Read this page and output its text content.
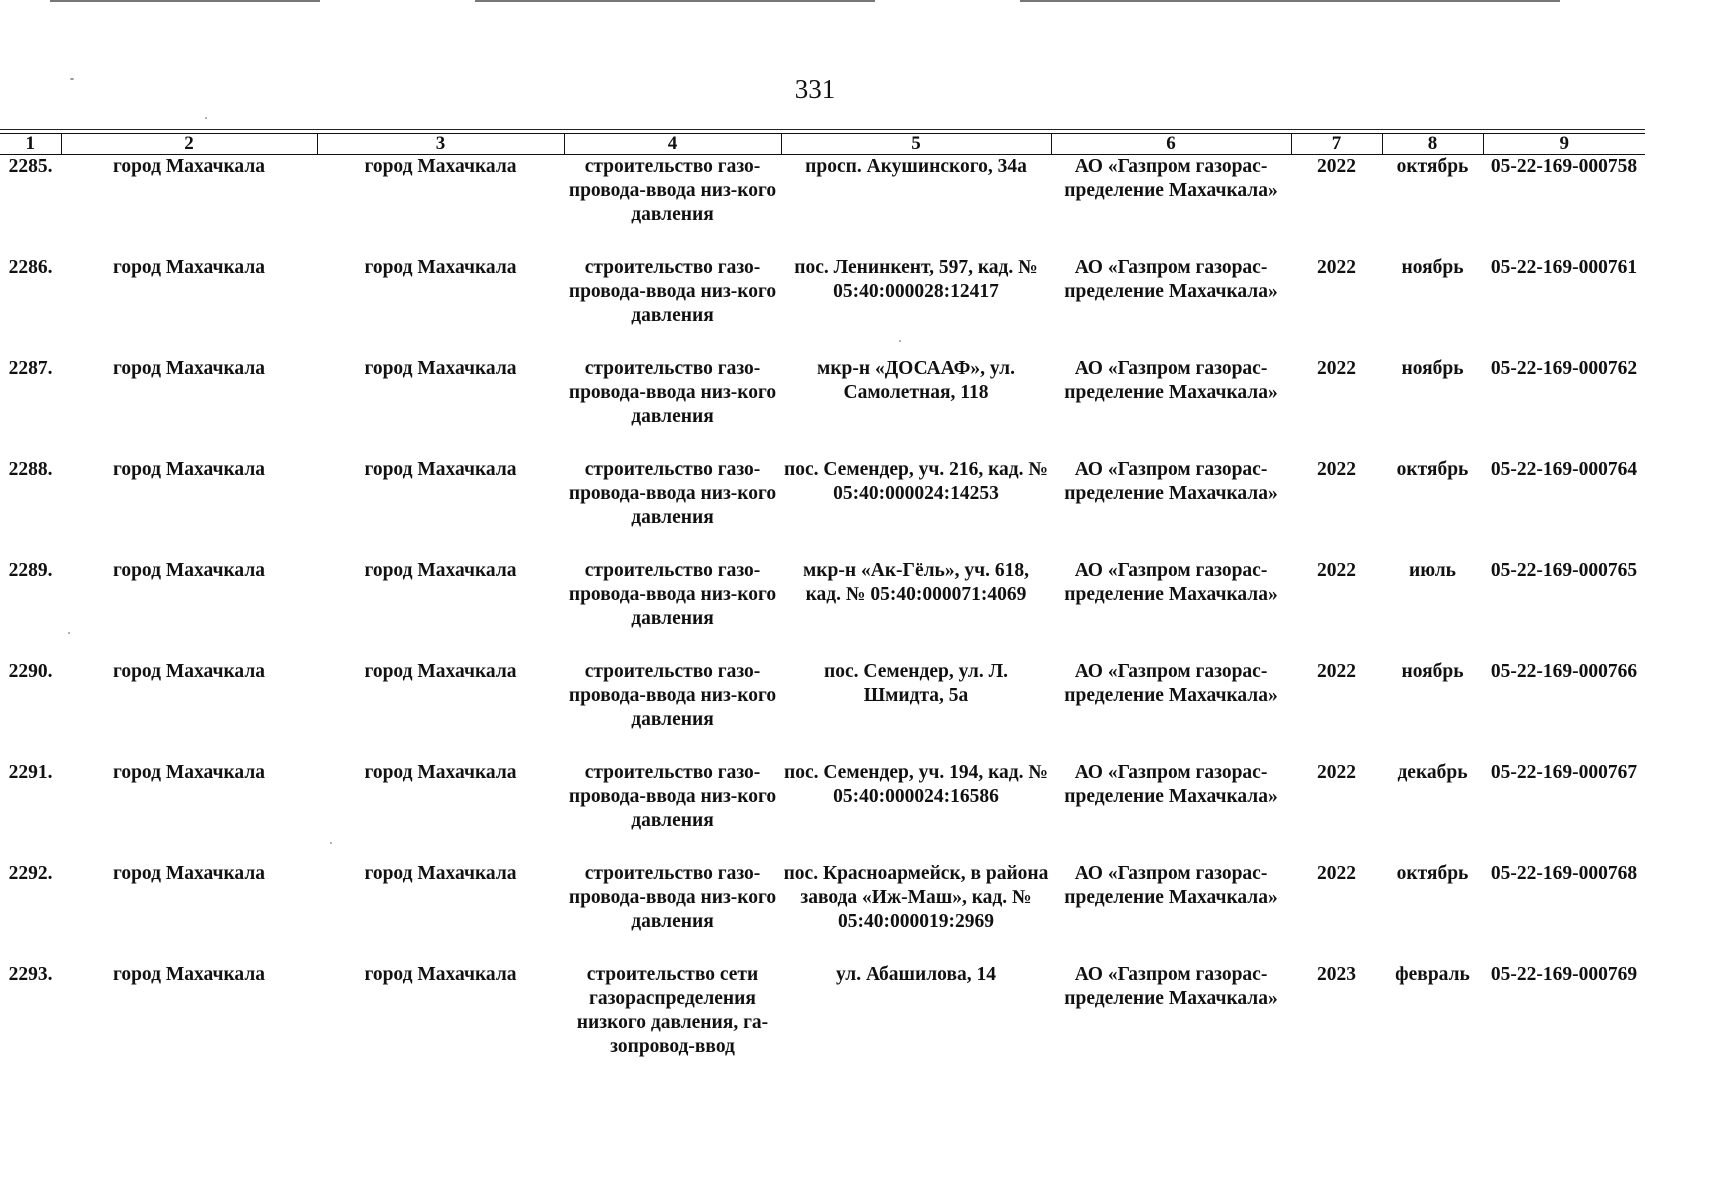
331
1	2	3	4	5	6	7	8	9
2285.	город Махачкала	город Махачкала	строительство газо-провода-ввода низ-кого давления	просп. Акушинского, 34а	АО «Газпром газорас-пределение Махачкала»	2022	октябрь	05-22-169-000758
2286.	город Махачкала	город Махачкала	строительство газо-провода-ввода низ-кого давления	пос. Ленинкент, 597, кад. № 05:40:000028:12417	АО «Газпром газорас-пределение Махачкала»	2022	ноябрь	05-22-169-000761
2287.	город Махачкала	город Махачкала	строительство газо-провода-ввода низ-кого давления	мкр-н «ДОСААФ», ул. Самолетная, 118	АО «Газпром газорас-пределение Махачкала»	2022	ноябрь	05-22-169-000762
2288.	город Махачкала	город Махачкала	строительство газо-провода-ввода низ-кого давления	пос. Семендер, уч. 216, кад. № 05:40:000024:14253	АО «Газпром газорас-пределение Махачкала»	2022	октябрь	05-22-169-000764
2289.	город Махачкала	город Махачкала	строительство газо-провода-ввода низ-кого давления	мкр-н «Ак-Гёль», уч. 618, кад. № 05:40:000071:4069	АО «Газпром газорас-пределение Махачкала»	2022	июль	05-22-169-000765
2290.	город Махачкала	город Махачкала	строительство газо-провода-ввода низ-кого давления	пос. Семендер, ул. Л. Шмидта, 5а	АО «Газпром газорас-пределение Махачкала»	2022	ноябрь	05-22-169-000766
2291.	город Махачкала	город Махачкала	строительство газо-провода-ввода низ-кого давления	пос. Семендер, уч. 194, кад. № 05:40:000024:16586	АО «Газпром газорас-пределение Махачкала»	2022	декабрь	05-22-169-000767
2292.	город Махачкала	город Махачкала	строительство газо-провода-ввода низ-кого давления	пос. Красноармейск, в района завода «Иж-Маш», кад. № 05:40:000019:2969	АО «Газпром газорас-пределение Махачкала»	2022	октябрь	05-22-169-000768
2293.	город Махачкала	город Махачкала	строительство сети газораспределения низкого давления, га-зопровод-ввод	ул. Абашилова, 14	АО «Газпром газорас-пределение Махачкала»	2023	февраль	05-22-169-000769
